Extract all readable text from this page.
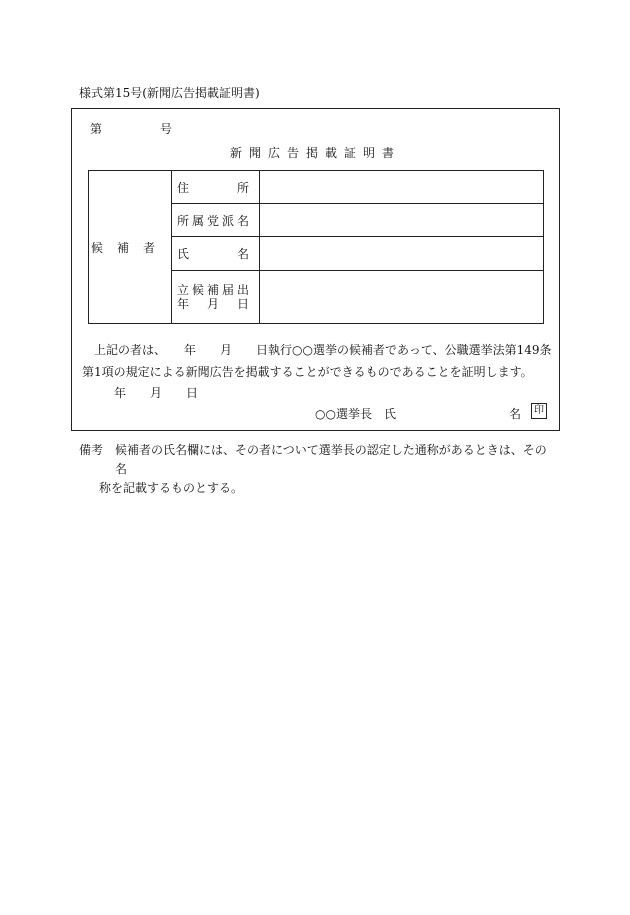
様式第15号(新聞広告掲載証明書)
第	号
新聞広告掲載証明書
候補者	住　所	

	所属党派名	

	氏　名	

	立候補届出
年　月　日	

上記の者は、　　年　　月　　日執行○○選挙の候補者であって、公職選挙法第149条第1項の規定による新聞広告を掲載することができるものであることを証明します。
年　　月　　日
○○選挙長　氏	名	印
備考 候補者の氏名欄には、その者について選挙長の認定した通称があるときは、その名
称を記載するものとする。
